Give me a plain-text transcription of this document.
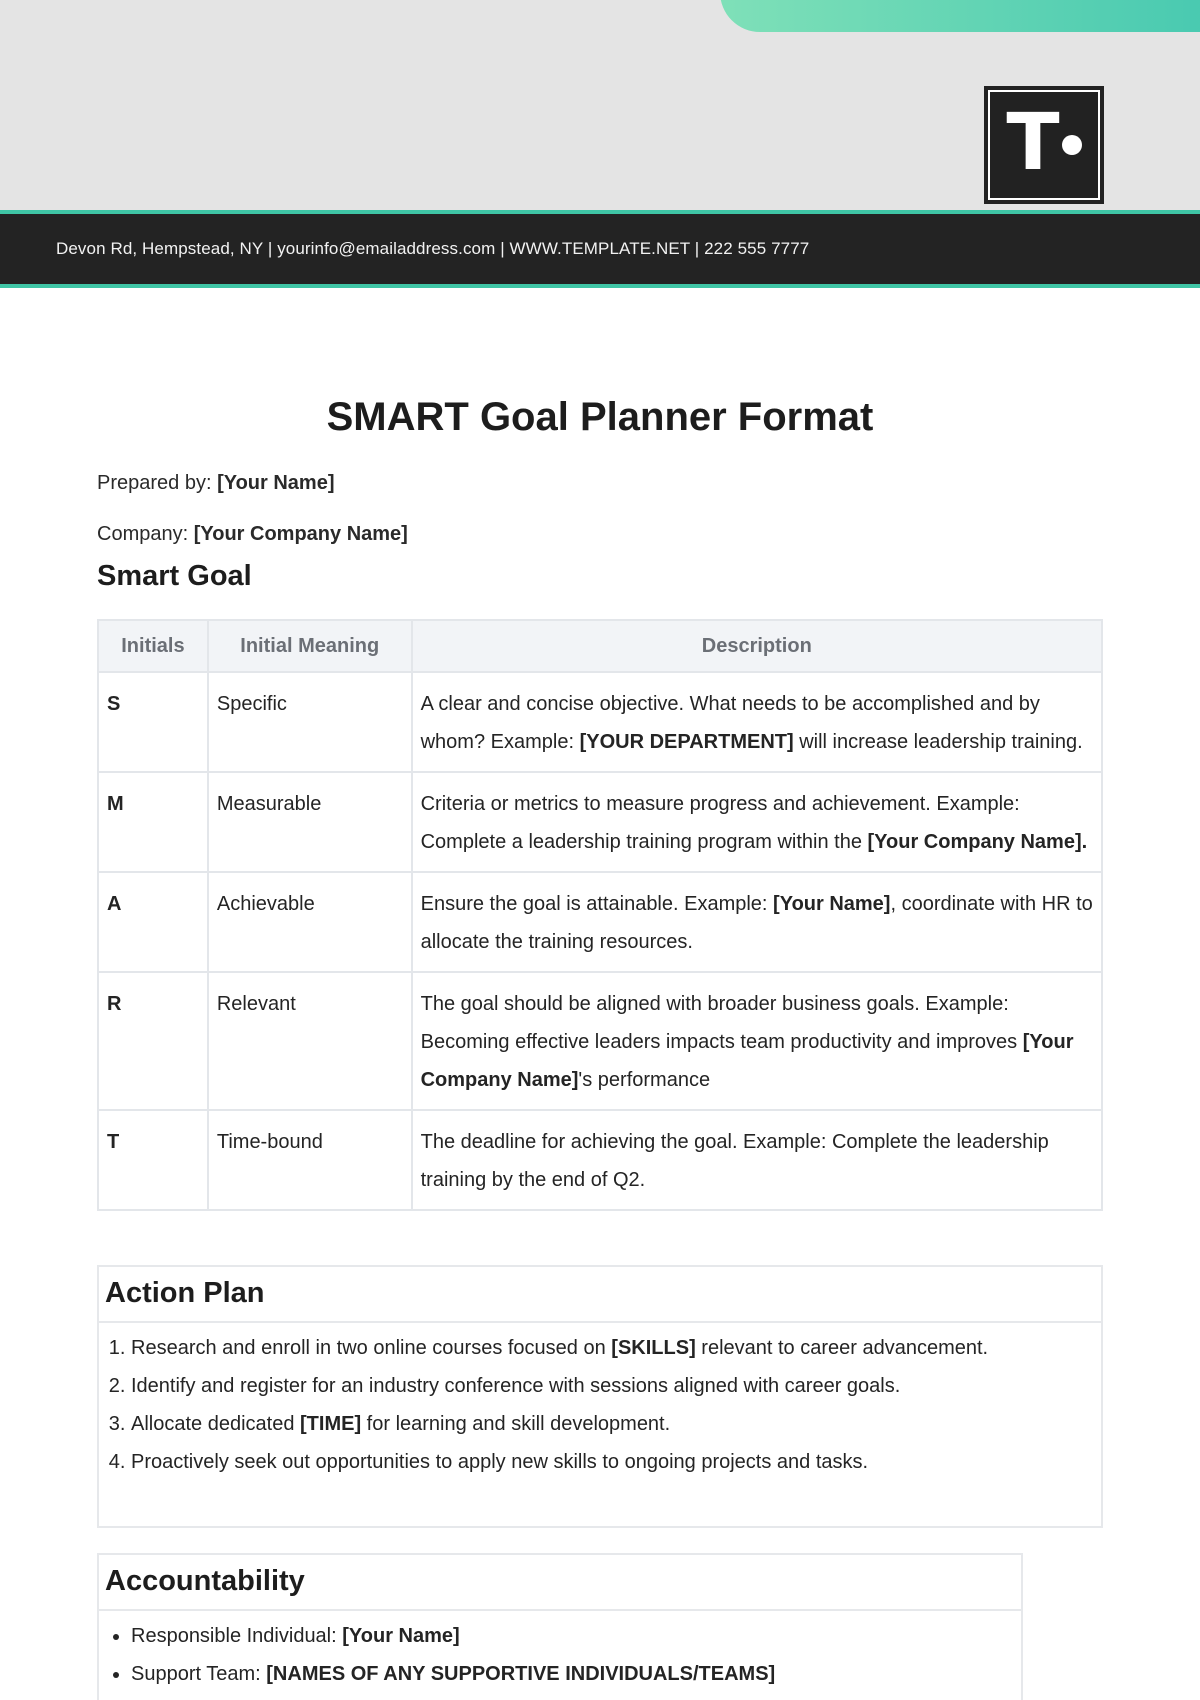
T
Devon Rd, Hempstead, NY | yourinfo@emailaddress.com | WWW.TEMPLATE.NET | 222 555 7777
SMART Goal Planner Format
Prepared by: [Your Name]
Company: [Your Company Name]
Smart Goal
Initials	Initial Meaning	Description
S	Specific	A clear and concise objective. What needs to be accomplished and by whom? Example: [YOUR DEPARTMENT] will increase leadership training.
M	Measurable	Criteria or metrics to measure progress and achievement. Example: Complete a leadership training program within the [Your Company Name].
A	Achievable	Ensure the goal is attainable. Example: [Your Name], coordinate with HR to allocate the training resources.
R	Relevant	The goal should be aligned with broader business goals. Example: Becoming effective leaders impacts team productivity and improves [Your Company Name]'s performance
T	Time-bound	The deadline for achieving the goal. Example: Complete the leadership training by the end of Q2.
Action Plan
1. Research and enroll in two online courses focused on [SKILLS] relevant to career advancement.
2. Identify and register for an industry conference with sessions aligned with career goals.
3. Allocate dedicated [TIME] for learning and skill development.
4. Proactively seek out opportunities to apply new skills to ongoing projects and tasks.
Accountability
• Responsible Individual: [Your Name]
• Support Team: [NAMES OF ANY SUPPORTIVE INDIVIDUALS/TEAMS]
